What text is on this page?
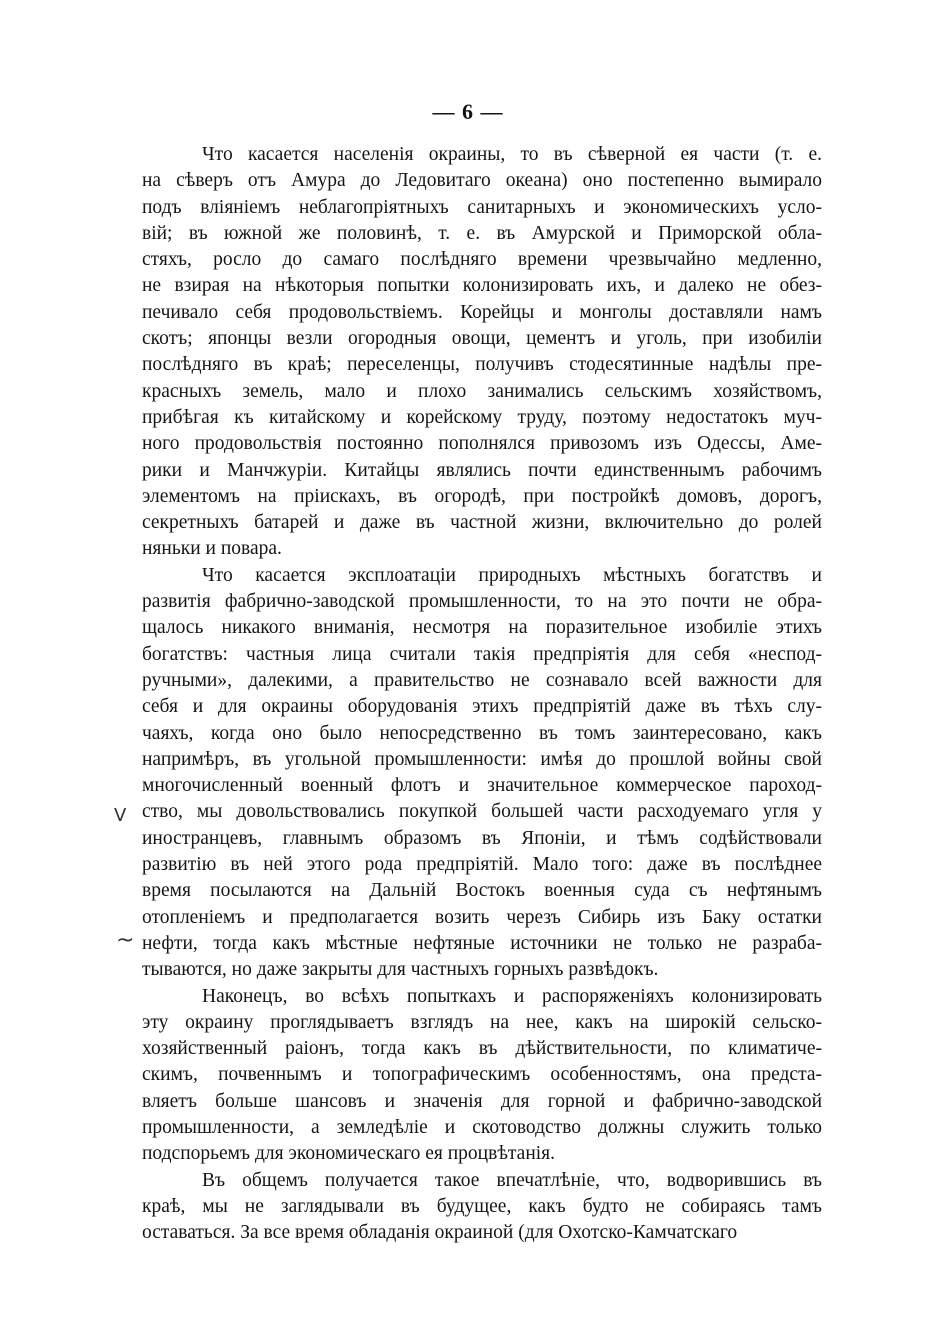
— 6 —
V
~
Что касается населенія окраины, то въ сѣверной ея части (т. е.
на сѣверъ отъ Амура до Ледовитаго океана) оно постепенно вымирало
подъ вліяніемъ неблагопріятныхъ санитарныхъ и экономическихъ усло-
вій; въ южной же половинѣ, т. е. въ Амурской и Приморской обла-
стяхъ, росло до самаго послѣдняго времени чрезвычайно медленно,
не взирая на нѣкоторыя попытки колонизировать ихъ, и далеко не обез-
печивало себя продовольствіемъ. Корейцы и монголы доставляли намъ
скотъ; японцы везли огородныя овощи, цементъ и уголь, при изобиліи
послѣдняго въ краѣ; переселенцы, получивъ стодесятинные надѣлы пре-
красныхъ земель, мало и плохо занимались сельскимъ хозяйствомъ,
прибѣгая къ китайскому и корейскому труду, поэтому недостатокъ муч-
ного продовольствія постоянно пополнялся привозомъ изъ Одессы, Аме-
рики и Манчжуріи. Китайцы являлись почти единственнымъ рабочимъ
элементомъ на пріискахъ, въ огородѣ, при постройкѣ домовъ, дорогъ,
секретныхъ батарей и даже въ частной жизни, включительно до ролей
няньки и повара.
Что касается эксплоатаціи природныхъ мѣстныхъ богатствъ и
развитія фабрично-заводской промышленности, то на это почти не обра-
щалось никакого вниманія, несмотря на поразительное изобиліе этихъ
богатствъ: частныя лица считали такія предпріятія для себя «неспод-
ручными», далекими, а правительство не сознавало всей важности для
себя и для окраины оборудованія этихъ предпріятій даже въ тѣхъ слу-
чаяхъ, когда оно было непосредственно въ томъ заинтересовано, какъ
напримѣръ, въ угольной промышленности: имѣя до прошлой войны свой
многочисленный военный флотъ и значительное коммерческое пароход-
ство, мы довольствовались покупкой большей части расходуемаго угля у
иностранцевъ, главнымъ образомъ въ Японіи, и тѣмъ содѣйствовали
развитію въ ней этого рода предпріятій. Мало того: даже въ послѣднее
время посылаются на Дальній Востокъ военныя суда съ нефтянымъ
отопленіемъ и предполагается возить черезъ Сибирь изъ Баку остатки
нефти, тогда какъ мѣстные нефтяные источники не только не разраба-
тываются, но даже закрыты для частныхъ горныхъ развѣдокъ.
Наконецъ, во всѣхъ попыткахъ и распоряженіяхъ колонизировать
эту окраину проглядываетъ взглядъ на нее, какъ на широкій сельско-
хозяйственный раіонъ, тогда какъ въ дѣйствительности, по климатиче-
скимъ, почвеннымъ и топографическимъ особенностямъ, она предста-
вляетъ больше шансовъ и значенія для горной и фабрично-заводской
промышленности, а земледѣліе и скотоводство должны служить только
подспорьемъ для экономическаго ея процвѣтанія.
Въ общемъ получается такое впечатлѣніе, что, водворившись въ
краѣ, мы не заглядывали въ будущее, какъ будто не собираясь тамъ
оставаться. За все время обладанія окраиной (для Охотско-Камчатскаго
